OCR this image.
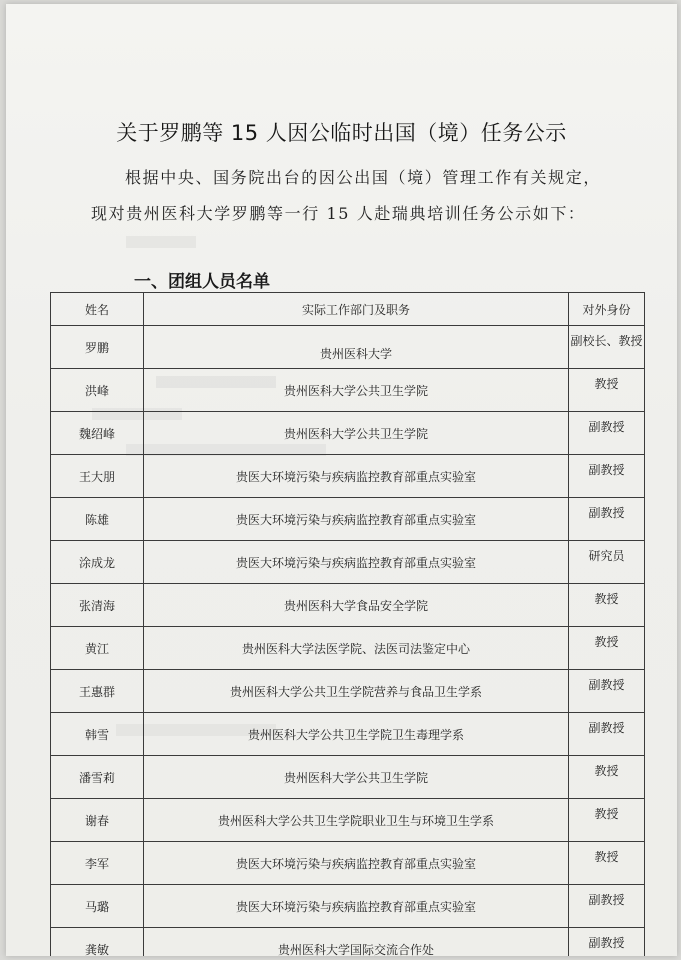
关于罗鹏等 15 人因公临时出国（境）任务公示
根据中央、国务院出台的因公出国（境）管理工作有关规定，现对贵州医科大学罗鹏等一行 15 人赴瑞典培训任务公示如下：
一、团组人员名单
姓名	实际工作部门及职务	对外身份
罗鹏	贵州医科大学	副校长、教授
洪峰	贵州医科大学公共卫生学院	教授
魏绍峰	贵州医科大学公共卫生学院	副教授
王大朋	贵医大环境污染与疾病监控教育部重点实验室	副教授
陈雄	贵医大环境污染与疾病监控教育部重点实验室	副教授
涂成龙	贵医大环境污染与疾病监控教育部重点实验室	研究员
张清海	贵州医科大学食品安全学院	教授
黄江	贵州医科大学法医学院、法医司法鉴定中心	教授
王惠群	贵州医科大学公共卫生学院营养与食品卫生学系	副教授
韩雪	贵州医科大学公共卫生学院卫生毒理学系	副教授
潘雪莉	贵州医科大学公共卫生学院	教授
谢春	贵州医科大学公共卫生学院职业卫生与环境卫生学系	教授
李军	贵医大环境污染与疾病监控教育部重点实验室	教授
马璐	贵医大环境污染与疾病监控教育部重点实验室	副教授
龚敏	贵州医科大学国际交流合作处	副教授
